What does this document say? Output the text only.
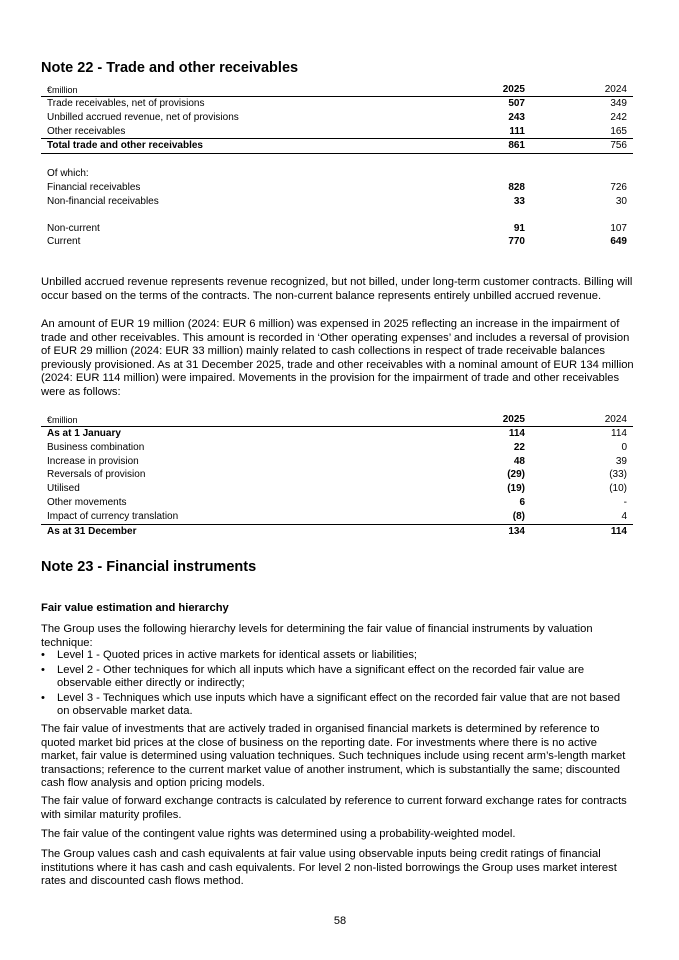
Note 22 - Trade and other receivables
€million	2025	2024
Trade receivables, net of provisions	507	349
Unbilled accrued revenue, net of provisions	243	242
Other receivables	111	165
Total trade and other receivables	861	756

Of which:		
Financial receivables	828	726
Non-financial receivables	33	30

Non-current	91	107
Current	770	649

Unbilled accrued revenue represents revenue recognized, but not billed, under long-term customer contracts. Billing will occur based on the terms of the contracts. The non-current balance represents entirely unbilled accrued revenue.

An amount of EUR 19 million (2024: EUR 6 million) was expensed in 2025 reflecting an increase in the impairment of trade and other receivables. This amount is recorded in ‘Other operating expenses’ and includes a reversal of provision of EUR 29 million (2024: EUR 33 million) mainly related to cash collections in respect of trade receivable balances previously provisioned. As at 31 December 2025, trade and other receivables with a nominal amount of EUR 134 million (2024: EUR 114 million) were impaired. Movements in the provision for the impairment of trade and other receivables were as follows:

€million	2025	2024
As at 1 January	114	114
Business combination	22	0
Increase in provision	48	39
Reversals of provision	(29)	(33)
Utilised	(19)	(10)
Other movements	6	-
Impact of currency translation	(8)	4
As at 31 December	134	114
Note 23 - Financial instruments
Fair value estimation and hierarchy

The Group uses the following hierarchy levels for determining the fair value of financial instruments by valuation technique:

• Level 1 - Quoted prices in active markets for identical assets or liabilities;
• Level 2 - Other techniques for which all inputs which have a significant effect on the recorded fair value are observable either directly or indirectly;
• Level 3 - Techniques which use inputs which have a significant effect on the recorded fair value that are not based on observable market data.

The fair value of investments that are actively traded in organised financial markets is determined by reference to quoted market bid prices at the close of business on the reporting date. For investments where there is no active market, fair value is determined using valuation techniques. Such techniques include using recent arm’s-length market transactions; reference to the current market value of another instrument, which is substantially the same; discounted cash flow analysis and option pricing models.

The fair value of forward exchange contracts is calculated by reference to current forward exchange rates for contracts with similar maturity profiles.

The fair value of the contingent value rights was determined using a probability-weighted model.

The Group values cash and cash equivalents at fair value using observable inputs being credit ratings of financial institutions where it has cash and cash equivalents. For level 2 non-listed borrowings the Group uses market interest rates and discounted cash flows method.

58
